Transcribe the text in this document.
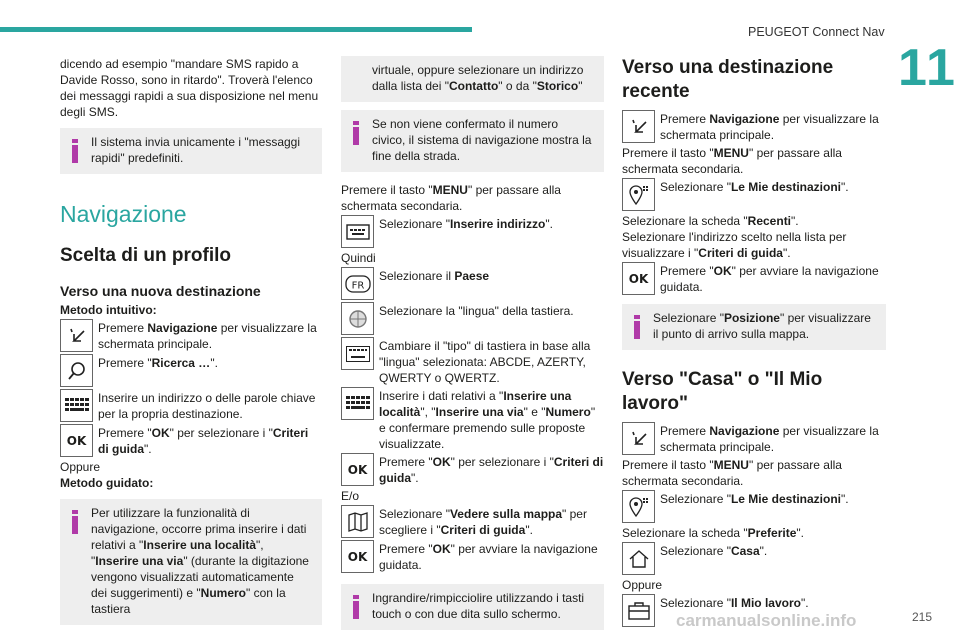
PEUGEOT Connect Nav
11

dicendo ad esempio "mandare SMS rapido a Davide Rosso, sono in ritardo". Troverà l'elenco dei messaggi rapidi a sua disposizione nel menu degli SMS.

Il sistema invia unicamente i "messaggi rapidi" predefiniti.
Navigazione
Scelta di un profilo
Verso una nuova destinazione

Metodo intuitivo:

Premere Navigazione per visualizzare la schermata principale.
Premere "Ricerca …".
Inserire un indirizzo o delle parole chiave per la propria destinazione.
OK
Premere "OK" per selezionare i "Criteri di guida".

Oppure

Metodo guidato:

Per utilizzare la funzionalità di navigazione, occorre prima inserire i dati relativi a "Inserire una località", "Inserire una via" (durante la digitazione vengono visualizzati automaticamente dei suggerimenti) e "Numero" con la tastiera
virtuale, oppure selezionare un indirizzo dalla lista dei "Contatto" o da "Storico"
Se non viene confermato il numero civico, il sistema di navigazione mostra la fine della strada.

Premere il tasto "MENU" per passare alla schermata secondaria.

Selezionare "Inserire indirizzo".

Quindi

FR
Selezionare il Paese
Selezionare la "lingua" della tastiera.
Cambiare il "tipo" di tastiera in base alla "lingua" selezionata: ABCDE, AZERTY, QWERTY o QWERTZ.
Inserire i dati relativi a "Inserire una località", "Inserire una via" e "Numero" e confermare premendo sulle proposte visualizzate.
OK
Premere "OK" per selezionare i "Criteri di guida".

E/o

Selezionare "Vedere sulla mappa" per scegliere i "Criteri di guida".
OK
Premere "OK" per avviare la navigazione guidata.
Ingrandire/rimpicciolire utilizzando i tasti touch o con due dita sullo schermo.
Verso una destinazione recente
Premere Navigazione per visualizzare la schermata principale.

Premere il tasto "MENU" per passare alla schermata secondaria.

Selezionare "Le Mie destinazioni".

Selezionare la scheda "Recenti".

Selezionare l'indirizzo scelto nella lista per visualizzare i "Criteri di guida".

OK
Premere "OK" per avviare la navigazione guidata.
Selezionare "Posizione" per visualizzare il punto di arrivo sulla mappa.
Verso "Casa" o "Il Mio lavoro"
Premere Navigazione per visualizzare la schermata principale.

Premere il tasto "MENU" per passare alla schermata secondaria.

Selezionare "Le Mie destinazioni".

Selezionare la scheda "Preferite".

Selezionare "Casa".

Oppure

Selezionare "Il Mio lavoro".
carmanualsonline.info	215
